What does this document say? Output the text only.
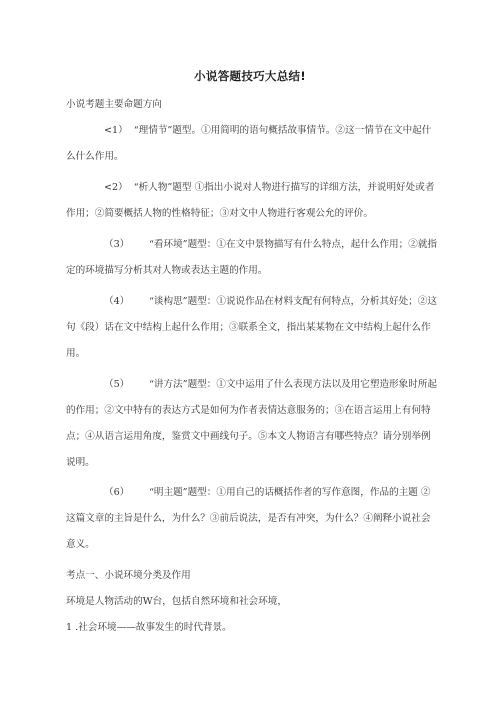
小说答题技巧大总结!

小说考题主要命题方向

<1） “理情节”题型。①用简明的语句概括故事情节。②这一情节在文中起什么什么作用。

<2） “析人物”题型 ①指出小说对人物进行描写的详细方法，并说明好处或者作用；②简要概括人物的性格特征；③对文中人物进行客观公允的评价。

（3） “看环境”题型：①在文中景物描写有什么特点，起什么作用；②就指定的环境描写分析其对人物或表达主题的作用。

（4） “谈构思”题型：①说说作品在材料支配有何特点，分析其好处；②这句《段）话在文中结构上起什么作用；③联系全文，指出某某物在文中结构上起什么作用。

（5） “讲方法”题型：①文中运用了什么表现方法以及用它塑造形象时所起的作用；②文中特有的表达方式是如何为作者表情达意服务的；③在语言运用上有何特点；④从语言运用角度，鉴赏文中画线句子。⑤本文人物语言有哪些特点？请分别举例说明。

（6） “明主题”题型：①用自己的话概括作者的写作意图，作品的主题 ②这篇文章的主旨是什么，为什么？③前后说法，是否有冲突，为什么？④阐释小说社会意义。

考点一、小说环境分类及作用

环境是人物活动的W台，包括自然环境和社会环境，

1 .社会环境——故事发生的时代背景。
